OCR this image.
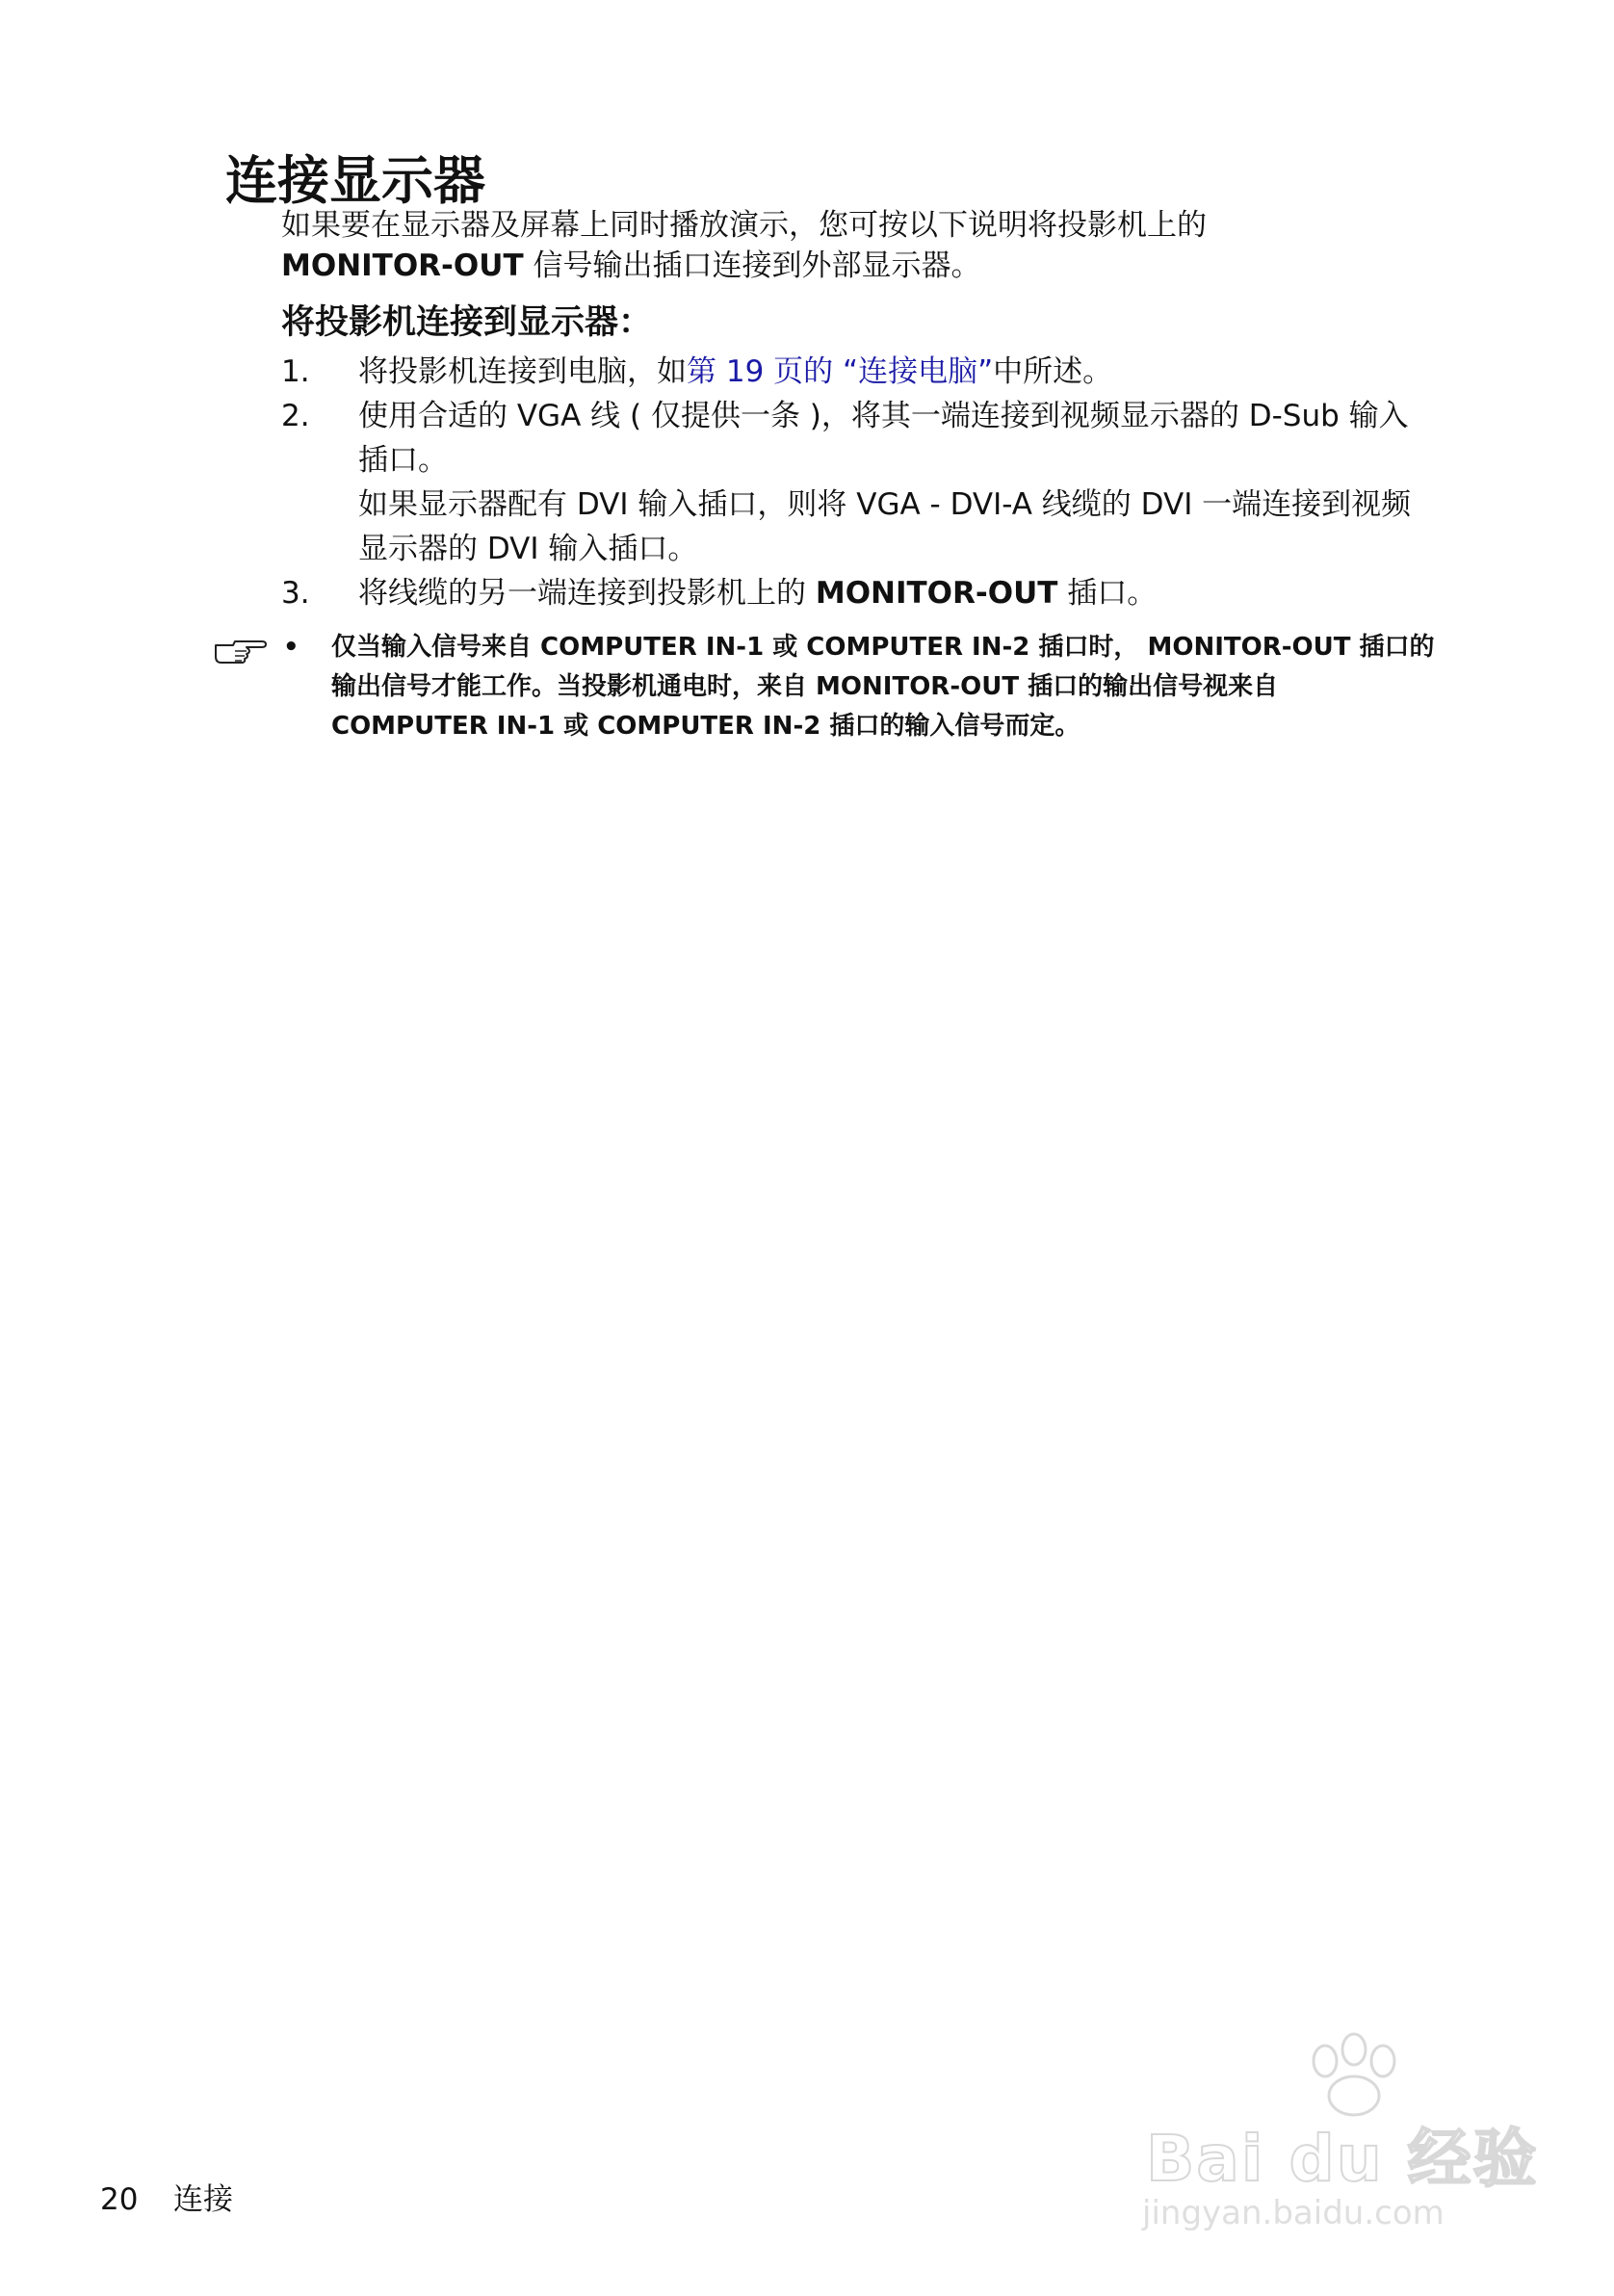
连接显示器
如果要在显示器及屏幕上同时播放演示，您可按以下说明将投影机上的
MONITOR-OUT 信号输出插口连接到外部显示器。
将投影机连接到显示器：
1. 将投影机连接到电脑，如第 19 页的 “连接电脑”中所述。

2. 使用合适的 VGA 线 ( 仅提供一条 )，将其一端连接到视频显示器的 D-Sub 输入

插口。

如果显示器配有 DVI 输入插口，则将 VGA - DVI-A 线缆的 DVI 一端连接到视频

显示器的 DVI 输入插口。

3. 将线缆的另一端连接到投影机上的 MONITOR-OUT 插口。

• 仅当输入信号来自 COMPUTER IN-1 或 COMPUTER IN-2 插口时， MONITOR-OUT 插口的
输出信号才能工作。当投影机通电时，来自 MONITOR-OUT 插口的输出信号视来自
COMPUTER IN-1 或 COMPUTER IN-2 插口的输入信号而定。

Bai du 经验
jingyan.baidu.com
20 连接
